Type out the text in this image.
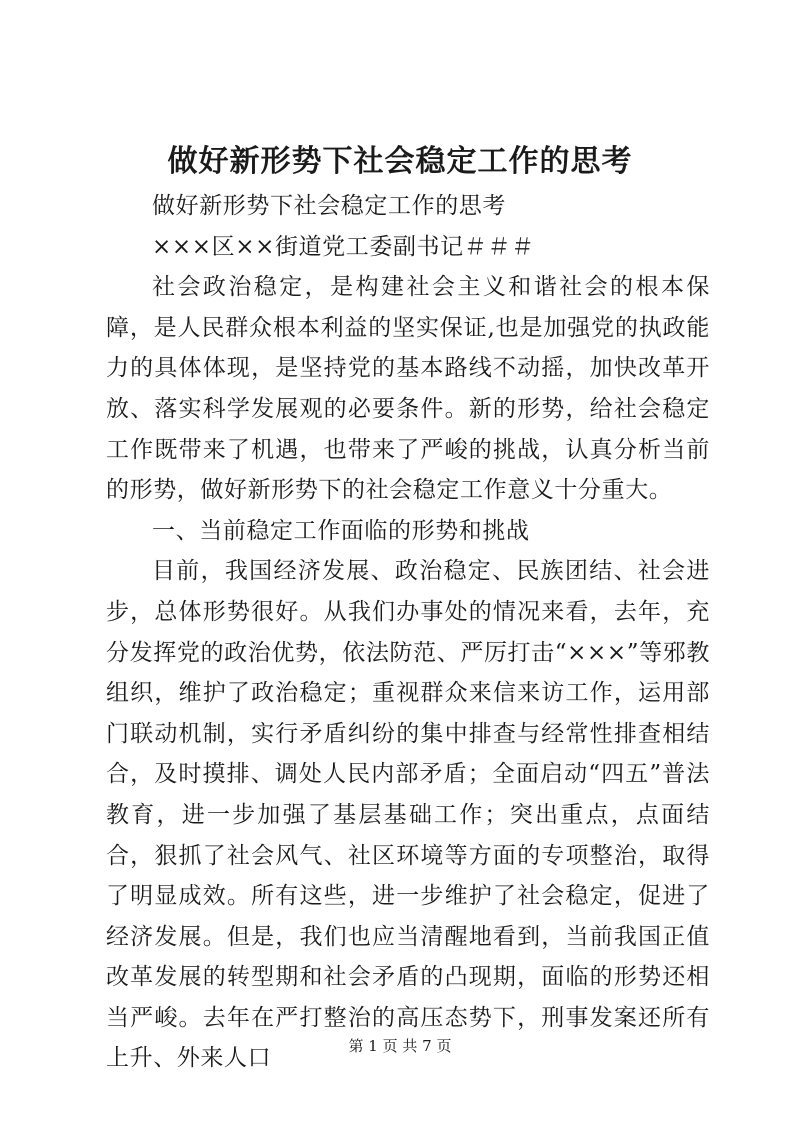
做好新形势下社会稳定工作的思考

做好新形势下社会稳定工作的思考

×××区××街道党工委副书记＃＃＃

社会政治稳定，是构建社会主义和谐社会的根本保障，是人民群众根本利益的坚实保证,也是加强党的执政能力的具体体现，是坚持党的基本路线不动摇，加快改革开放、落实科学发展观的必要条件。新的形势，给社会稳定工作既带来了机遇，也带来了严峻的挑战，认真分析当前的形势，做好新形势下的社会稳定工作意义十分重大。

一、当前稳定工作面临的形势和挑战

目前，我国经济发展、政治稳定、民族团结、社会进步，总体形势很好。从我们办事处的情况来看，去年，充分发挥党的政治优势，依法防范、严厉打击“×××”等邪教组织，维护了政治稳定；重视群众来信来访工作，运用部门联动机制，实行矛盾纠纷的集中排查与经常性排查相结合，及时摸排、调处人民内部矛盾；全面启动“四五”普法教育，进一步加强了基层基础工作；突出重点，点面结合，狠抓了社会风气、社区环境等方面的专项整治，取得了明显成效。所有这些，进一步维护了社会稳定，促进了经济发展。但是，我们也应当清醒地看到，当前我国正值改革发展的转型期和社会矛盾的凸现期，面临的形势还相当严峻。去年在严打整治的高压态势下，刑事发案还所有上升、外来人口	第 1 页 共 7 页
